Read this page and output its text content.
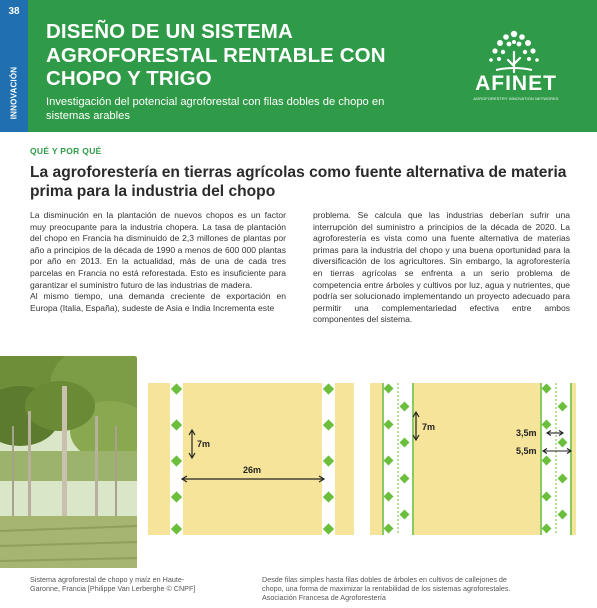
38
INNOVACIÓN
DISEÑO DE UN SISTEMA AGROFORESTAL RENTABLE CON CHOPO Y TRIGO
Investigación del potencial agroforestal con filas dobles de chopo en sistemas arables
AFINET
AGROFORESTRY INNOVATION NETWORKS
QUÉ Y POR QUÉ
La agroforestería en tierras agrícolas como fuente alternativa de materia prima para la industria del chopo

La disminución en la plantación de nuevos chopos es un factor muy preocupante para la industria chopera. La tasa de plantación del chopo en Francia ha disminuido de 2,3 millones de plantas por año a principios de la década de 1990 a menos de 600 000 plantas por año en 2013. En la actualidad, más de una de cada tres parcelas en Francia no está reforestada. Esto es insuficiente para garantizar el suministro futuro de las industrias de madera.

Al mismo tiempo, una demanda creciente de exportación en Europa (Italia, España), sudeste de Asia e India Incrementa este

problema. Se calcula que las industrias deberían sufrir una interrupción del suministro a principios de la década de 2020. La agroforestería es vista como una fuente alternativa de materias primas para la industria del chopo y una buena oportunidad para la diversificación de los agricultores. Sin embargo, la agroforestería en tierras agrícolas se enfrenta a un serio problema de competencia entre árboles y cultivos por luz, agua y nutrientes, que podría ser solucionado implementando un proyecto adecuado para permitir una complementariedad efectiva entre ambos componentes del sistema.

7m
26m
7m
3,5m
5,5m
Sistema agroforestal de chopo y maíz en Haute-Garonne, Francia [Philippe Van Lerberghe © CNPF]
Desde filas simples hasta filas dobles de árboles en cultivos de callejones de chopo, una forma de maximizar la rentabilidad de los sistemas agroforestales. Asociación Francesa de Agroforestería
